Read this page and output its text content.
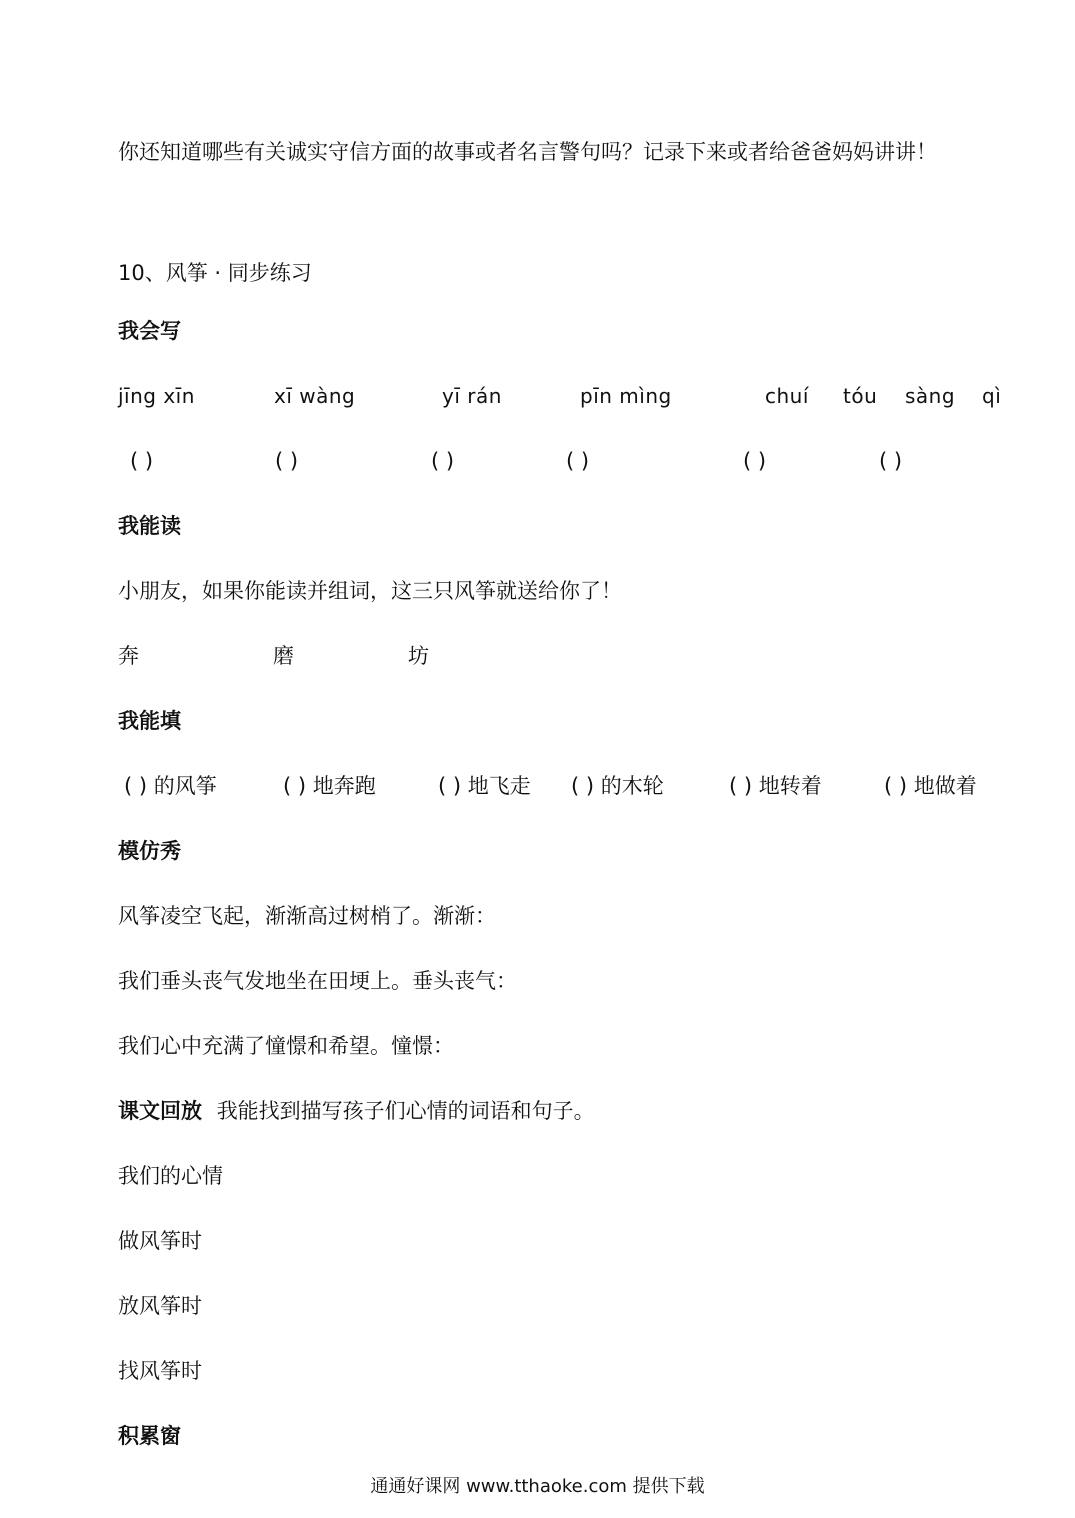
你还知道哪些有关诚实守信方面的故事或者名言警句吗？记录下来或者给爸爸妈妈讲讲！
10、风筝 · 同步练习
我会写
jīng xīn	xī wàng	yī rán	pīn mìng	chuí tóu sàng qì
( )	( )	( )	( )	( )	( )
我能读
小朋友，如果你能读并组词，这三只风筝就送给你了！
奔	磨	坊
我能填
( ) 的风筝	( ) 地奔跑	( ) 地飞走 ( ) 的木轮	( ) 地转着	( ) 地做着
模仿秀
风筝凌空飞起，渐渐高过树梢了。渐渐：
我们垂头丧气发地坐在田埂上。垂头丧气：
我们心中充满了憧憬和希望。憧憬：
课文回放 我能找到描写孩子们心情的词语和句子。
我们的心情
做风筝时
放风筝时
找风筝时
积累窗
通通好课网 www.tthaoke.com 提供下载
